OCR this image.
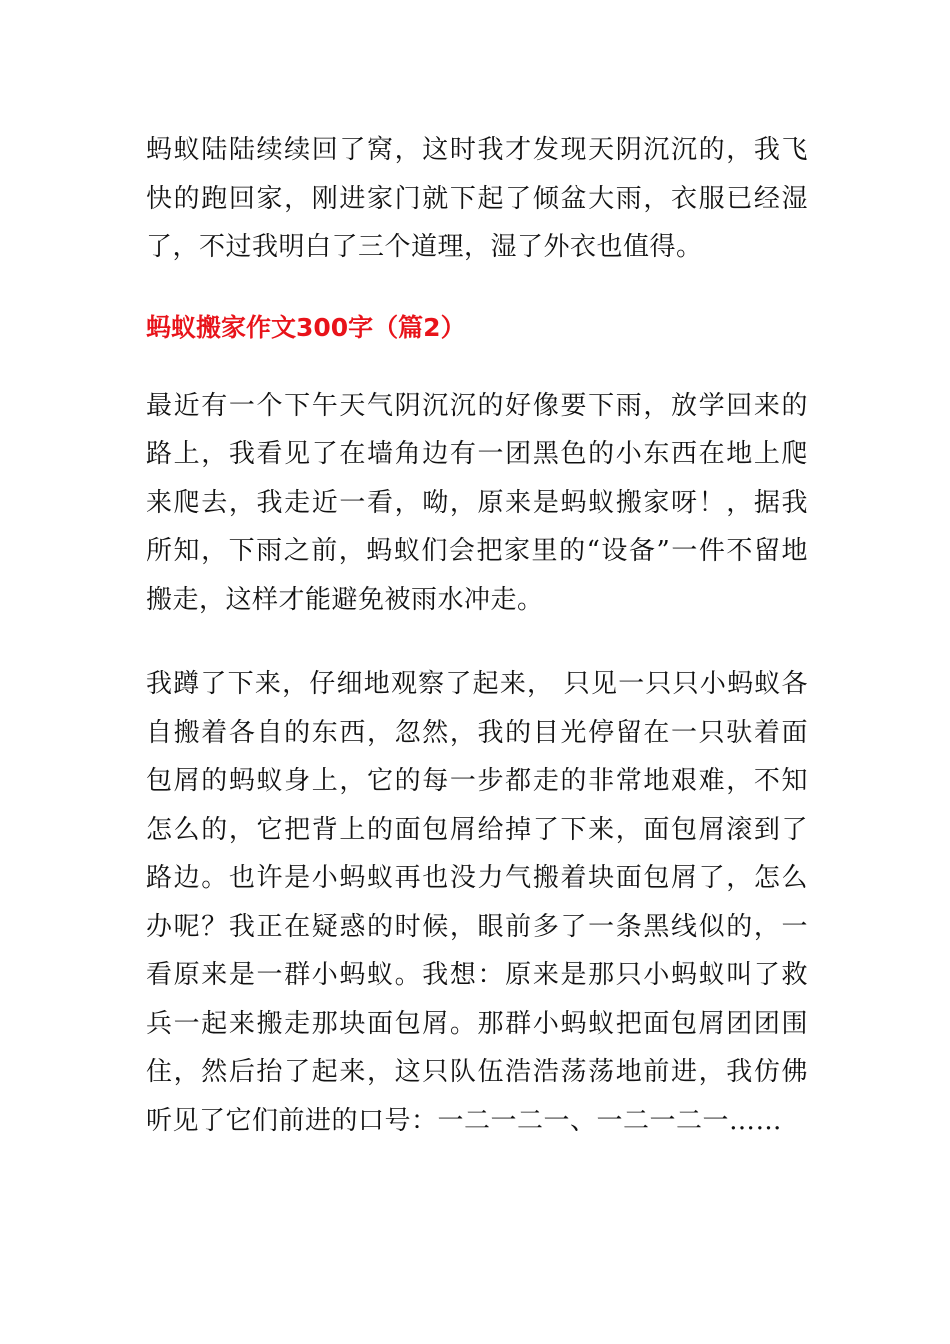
蚂蚁陆陆续续回了窝，这时我才发现天阴沉沉的，我飞快的跑回家，刚进家门就下起了倾盆大雨，衣服已经湿了，不过我明白了三个道理，湿了外衣也值得。

蚂蚁搬家作文300字（篇2）

最近有一个下午天气阴沉沉的好像要下雨，放学回来的路上，我看见了在墙角边有一团黑色的小东西在地上爬来爬去，我走近一看，呦，原来是蚂蚁搬家呀！，据我所知，下雨之前，蚂蚁们会把家里的“设备”一件不留地搬走，这样才能避免被雨水冲走。

我蹲了下来，仔细地观察了起来， 只见一只只小蚂蚁各自搬着各自的东西，忽然，我的目光停留在一只驮着面包屑的蚂蚁身上，它的每一步都走的非常地艰难，不知怎么的，它把背上的面包屑给掉了下来，面包屑滚到了路边。也许是小蚂蚁再也没力气搬着块面包屑了，怎么办呢？我正在疑惑的时候，眼前多了一条黑线似的，一看原来是一群小蚂蚁。我想：原来是那只小蚂蚁叫了救兵一起来搬走那块面包屑。那群小蚂蚁把面包屑团团围住，然后抬了起来，这只队伍浩浩荡荡地前进，我仿佛听见了它们前进的口号：一二一二一、一二一二一……
